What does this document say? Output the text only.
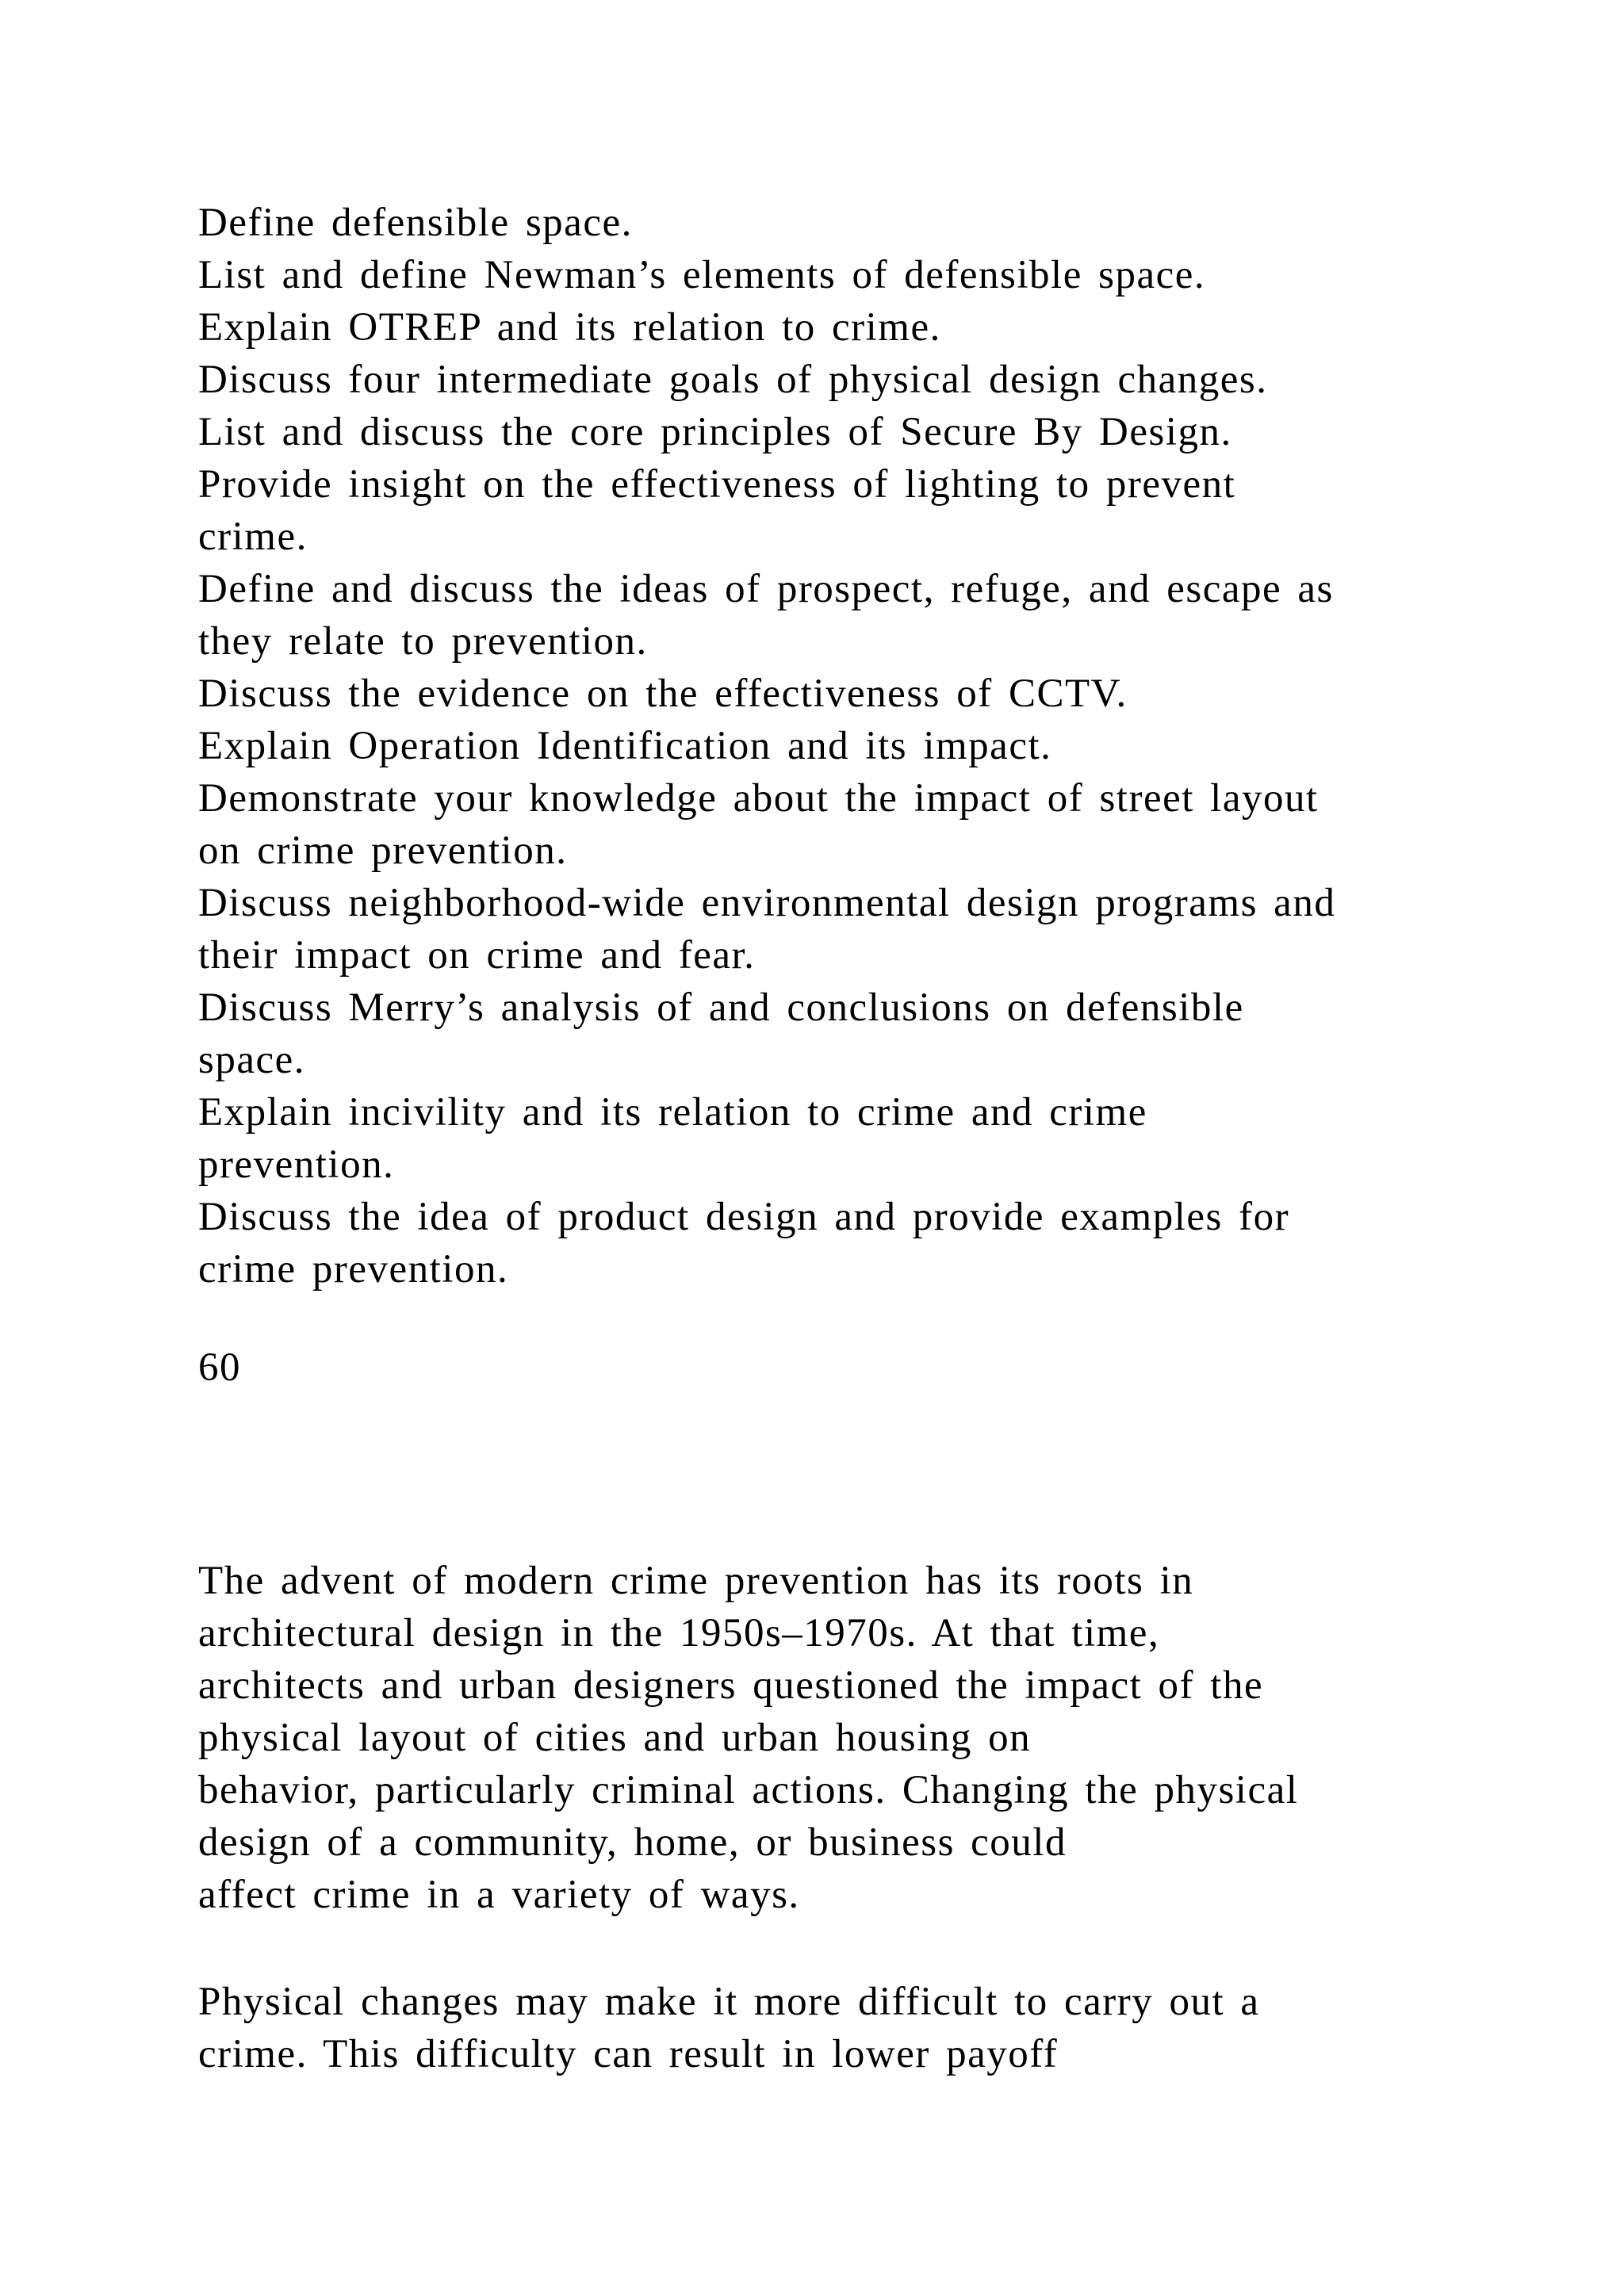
Define defensible space.
List and define Newman’s elements of defensible space.
Explain OTREP and its relation to crime.
Discuss four intermediate goals of physical design changes.
List and discuss the core principles of Secure By Design.
Provide insight on the effectiveness of lighting to prevent
crime.
Define and discuss the ideas of prospect, refuge, and escape as
they relate to prevention.
Discuss the evidence on the effectiveness of CCTV.
Explain Operation Identification and its impact.
Demonstrate your knowledge about the impact of street layout
on crime prevention.
Discuss neighborhood-wide environmental design programs and
their impact on crime and fear.
Discuss Merry’s analysis of and conclusions on defensible
space.
Explain incivility and its relation to crime and crime
prevention.
Discuss the idea of product design and provide examples for
crime prevention.
60
The advent of modern crime prevention has its roots in
architectural design in the 1950s–1970s. At that time,
architects and urban designers questioned the impact of the
physical layout of cities and urban housing on
behavior, particularly criminal actions. Changing the physical
design of a community, home, or business could
affect crime in a variety of ways.
Physical changes may make it more difficult to carry out a
crime. This difficulty can result in lower payoff
